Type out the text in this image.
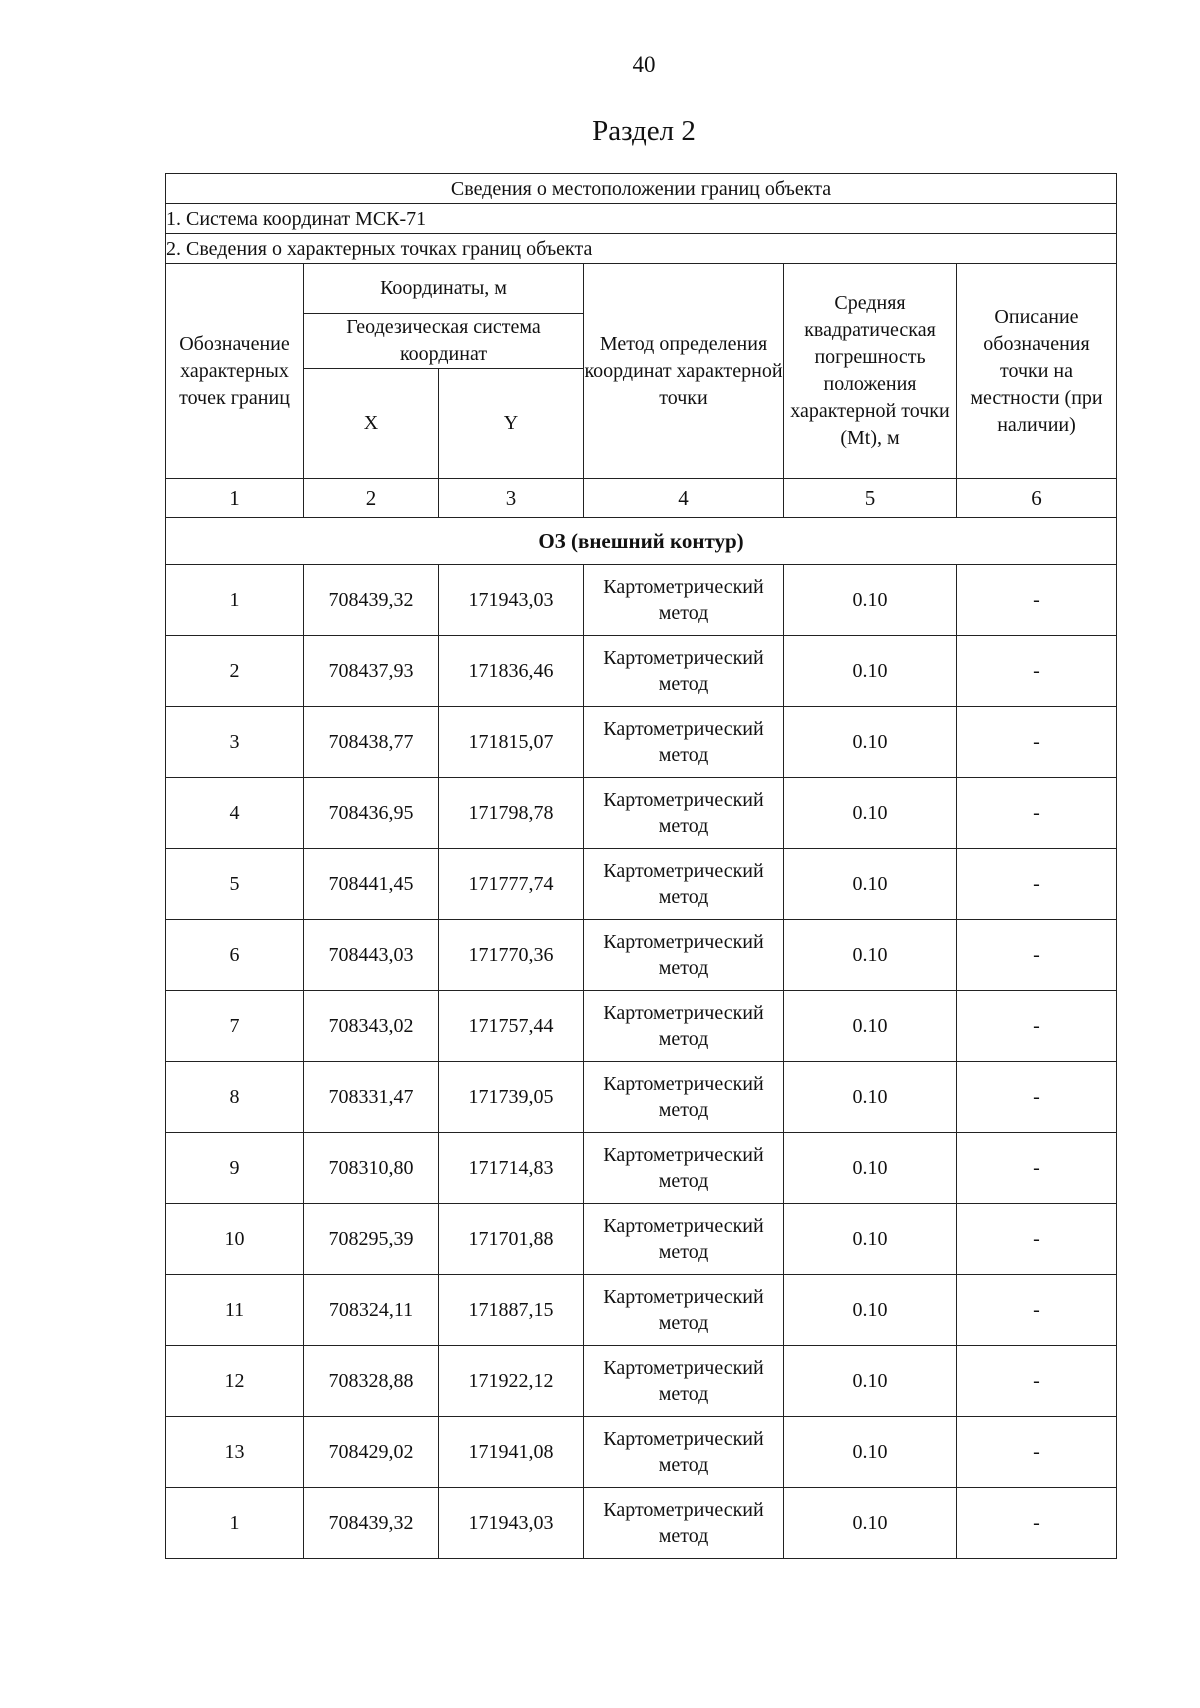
40
Раздел 2
Сведения о местоположении границ объекта					
1. Система координат МСК-71					
2. Сведения о характерных точках границ объекта					
Обозначение характерных точек границ	Координаты, м		Метод определения координат характерной точки	Средняя квадратическая погрешность положения характерной точки (Mt), м	Описание обозначения точки на местности (при наличии)
	Геодезическая система координат				
	X	Y			
1	2	3	4	5	6
ОЗ (внешний контур)					
1	708439,32	171943,03	Картометрический метод	0.10	-
2	708437,93	171836,46	Картометрический метод	0.10	-
3	708438,77	171815,07	Картометрический метод	0.10	-
4	708436,95	171798,78	Картометрический метод	0.10	-
5	708441,45	171777,74	Картометрический метод	0.10	-
6	708443,03	171770,36	Картометрический метод	0.10	-
7	708343,02	171757,44	Картометрический метод	0.10	-
8	708331,47	171739,05	Картометрический метод	0.10	-
9	708310,80	171714,83	Картометрический метод	0.10	-
10	708295,39	171701,88	Картометрический метод	0.10	-
11	708324,11	171887,15	Картометрический метод	0.10	-
12	708328,88	171922,12	Картометрический метод	0.10	-
13	708429,02	171941,08	Картометрический метод	0.10	-
1	708439,32	171943,03	Картометрический метод	0.10	-
